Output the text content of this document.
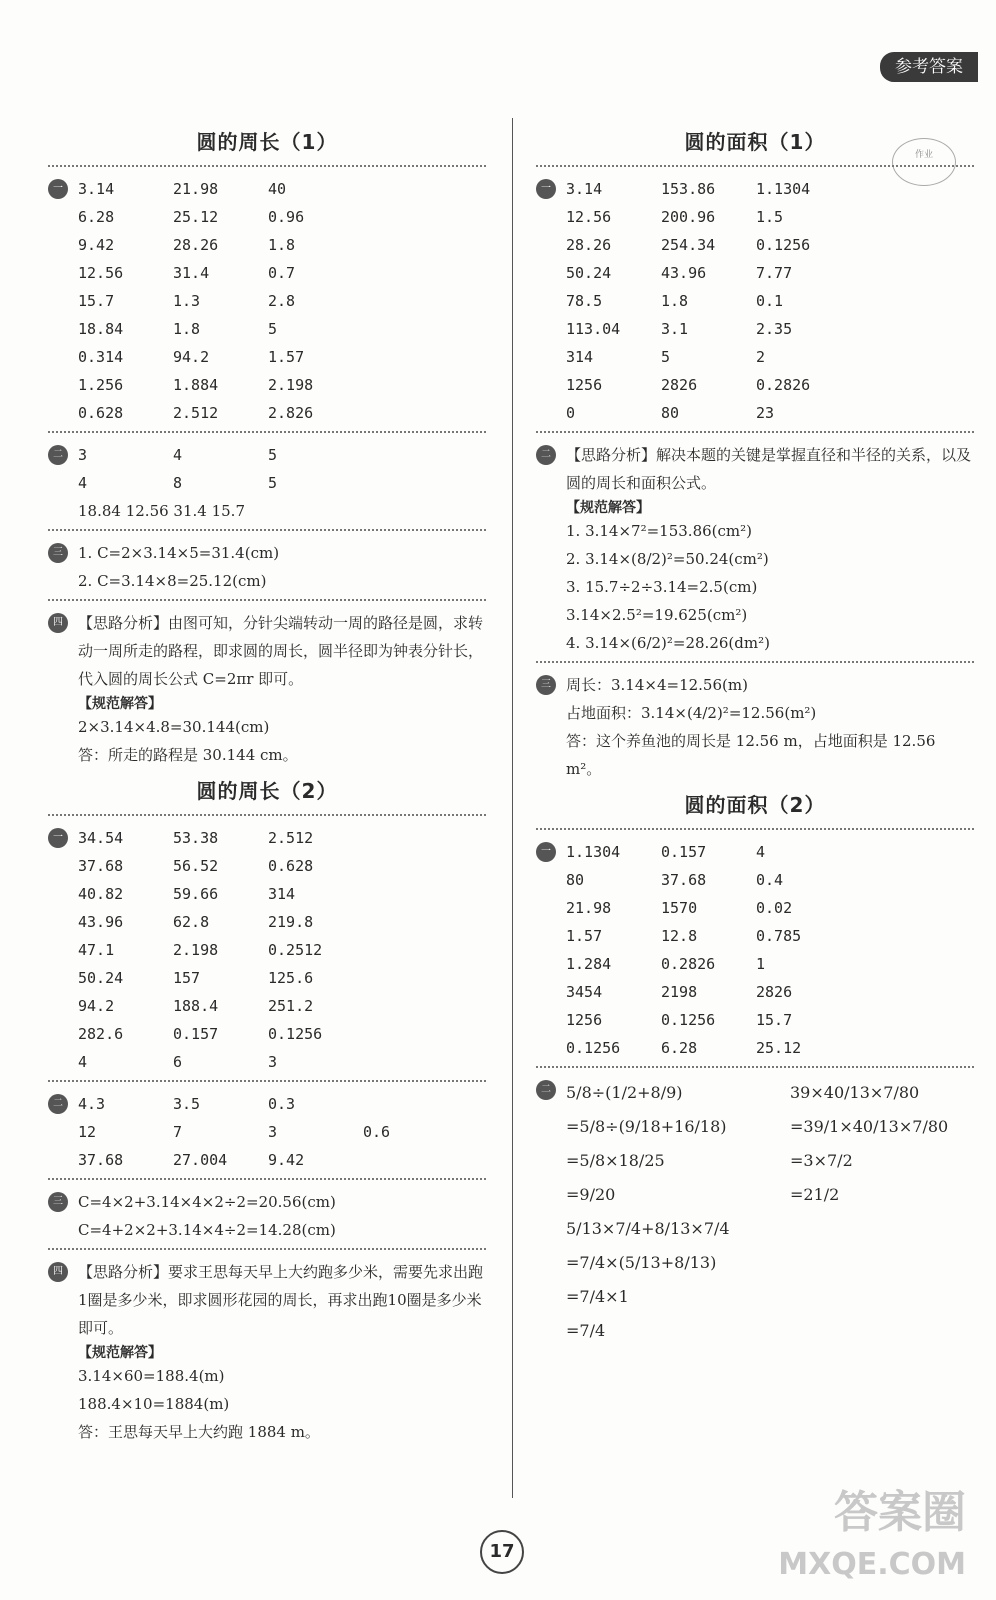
参考答案
作业
圆的周长（1）
一	3.14	21.98	40
6.28	25.12	0.96
9.42	28.26	1.8
12.56	31.4	0.7
15.7	1.3	2.8
18.84	1.8	5
0.314	94.2	1.57
1.256	1.884	2.198
0.628	2.512	2.826
二	3	4	5
4	8	5
18.84 12.56 31.4 15.7
三	1. C=2×3.14×5=31.4(cm)
2. C=3.14×8=25.12(cm)
四	【思路分析】由图可知，分针尖端转动一周的路径是圆，求转动一周所走的路程，即求圆的周长，圆半径即为钟表分针长，代入圆的周长公式 C=2πr 即可。
【规范解答】
2×3.14×4.8=30.144(cm)
答：所走的路程是 30.144 cm。
圆的周长（2）
一	34.54	53.38	2.512
37.68	56.52	0.628
40.82	59.66	314
43.96	62.8	219.8
47.1	2.198	0.2512
50.24	157	125.6
94.2	188.4	251.2
282.6	0.157	0.1256
4	6	3
二	4.3	3.5	0.3
12	7	3	0.6
37.68	27.004	9.42
三	C=4×2+3.14×4×2÷2=20.56(cm)
C=4+2×2+3.14×4÷2=14.28(cm)
四	【思路分析】要求王思每天早上大约跑多少米，需要先求出跑1圈是多少米，即求圆形花园的周长，再求出跑10圈是多少米即可。
【规范解答】
3.14×60=188.4(m)
188.4×10=1884(m)
答：王思每天早上大约跑 1884 m。
圆的面积（1）
一	3.14	153.86	1.1304
12.56	200.96	1.5
28.26	254.34	0.1256
50.24	43.96	7.77
78.5	1.8	0.1
113.04	3.1	2.35
314	5	2
1256	2826	0.2826
0	80	23
二	【思路分析】解决本题的关键是掌握直径和半径的关系，以及圆的周长和面积公式。
【规范解答】
1. 3.14×7²=153.86(cm²)
2. 3.14×(8/2)²=50.24(cm²)
3. 15.7÷2÷3.14=2.5(cm)
3.14×2.5²=19.625(cm²)
4. 3.14×(6/2)²=28.26(dm²)
三	周长：3.14×4=12.56(m)
占地面积：3.14×(4/2)²=12.56(m²)
答：这个养鱼池的周长是 12.56 m，占地面积是 12.56 m²。
圆的面积（2）
一	1.1304	0.157	4
80	37.68	0.4
21.98	1570	0.02
1.57	12.8	0.785
1.284	0.2826	1
3454	2198	2826
1256	0.1256	15.7
0.1256	6.28	25.12
二 5/8÷(1/2+8/9)
=5/8÷(9/18+16/18)
=5/8×18/25
=9/20
39×40/13×7/80
=39/1×40/13×7/80
=3×7/2
=21/2
5/13×7/4+8/13×7/4
=7/4×(5/13+8/13)
=7/4×1
=7/4
17
答案圈
MXQE.COM
